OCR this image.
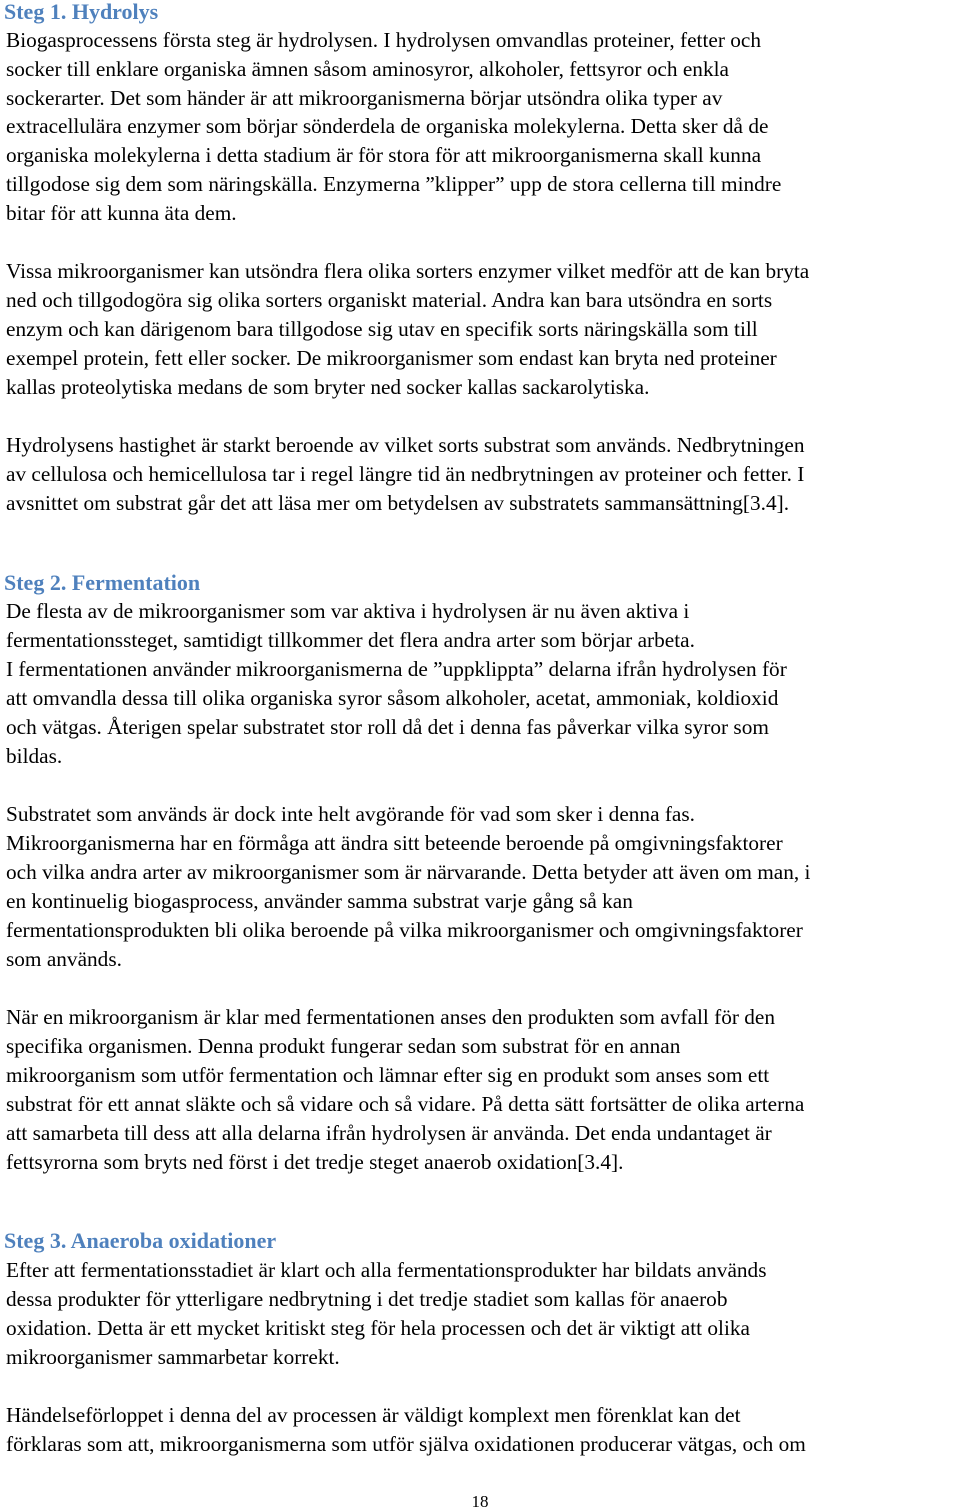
Steg 1. Hydrolys
Biogasprocessens första steg är hydrolysen. I hydrolysen omvandlas proteiner, fetter och
socker till enklare organiska ämnen såsom aminosyror, alkoholer, fettsyror och enkla
sockerarter. Det som händer är att mikroorganismerna börjar utsöndra olika typer av
extracellulära enzymer som börjar sönderdela de organiska molekylerna. Detta sker då de
organiska molekylerna i detta stadium är för stora för att mikroorganismerna skall kunna
tillgodose sig dem som näringskälla. Enzymerna ”klipper” upp de stora cellerna till mindre
bitar för att kunna äta dem.
Vissa mikroorganismer kan utsöndra flera olika sorters enzymer vilket medför att de kan bryta
ned och tillgodogöra sig olika sorters organiskt material. Andra kan bara utsöndra en sorts
enzym och kan därigenom bara tillgodose sig utav en specifik sorts näringskälla som till
exempel protein, fett eller socker. De mikroorganismer som endast kan bryta ned proteiner
kallas proteolytiska medans de som bryter ned socker kallas sackarolytiska.
Hydrolysens hastighet är starkt beroende av vilket sorts substrat som används. Nedbrytningen
av cellulosa och hemicellulosa tar i regel längre tid än nedbrytningen av proteiner och fetter. I
avsnittet om substrat går det att läsa mer om betydelsen av substratets sammansättning[3.4].
Steg 2. Fermentation
De flesta av de mikroorganismer som var aktiva i hydrolysen är nu även aktiva i
fermentationssteget, samtidigt tillkommer det flera andra arter som börjar arbeta.
I fermentationen använder mikroorganismerna de ”uppklippta” delarna ifrån hydrolysen för
att omvandla dessa till olika organiska syror såsom alkoholer, acetat, ammoniak, koldioxid
och vätgas. Återigen spelar substratet stor roll då det i denna fas påverkar vilka syror som
bildas.
Substratet som används är dock inte helt avgörande för vad som sker i denna fas.
Mikroorganismerna har en förmåga att ändra sitt beteende beroende på omgivningsfaktorer
och vilka andra arter av mikroorganismer som är närvarande. Detta betyder att även om man, i
en kontinuelig biogasprocess, använder samma substrat varje gång så kan
fermentationsprodukten bli olika beroende på vilka mikroorganismer och omgivningsfaktorer
som används.
När en mikroorganism är klar med fermentationen anses den produkten som avfall för den
specifika organismen. Denna produkt fungerar sedan som substrat för en annan
mikroorganism som utför fermentation och lämnar efter sig en produkt som anses som ett
substrat för ett annat släkte och så vidare och så vidare. På detta sätt fortsätter de olika arterna
att samarbeta till dess att alla delarna ifrån hydrolysen är använda. Det enda undantaget är
fettsyrorna som bryts ned först i det tredje steget anaerob oxidation[3.4].
Steg 3. Anaeroba oxidationer
Efter att fermentationsstadiet är klart och alla fermentationsprodukter har bildats används
dessa produkter för ytterligare nedbrytning i det tredje stadiet som kallas för anaerob
oxidation. Detta är ett mycket kritiskt steg för hela processen och det är viktigt att olika
mikroorganismer sammarbetar korrekt.
Händelseförloppet i denna del av processen är väldigt komplext men förenklat kan det
förklaras som att, mikroorganismerna som utför själva oxidationen producerar vätgas, och om
18
